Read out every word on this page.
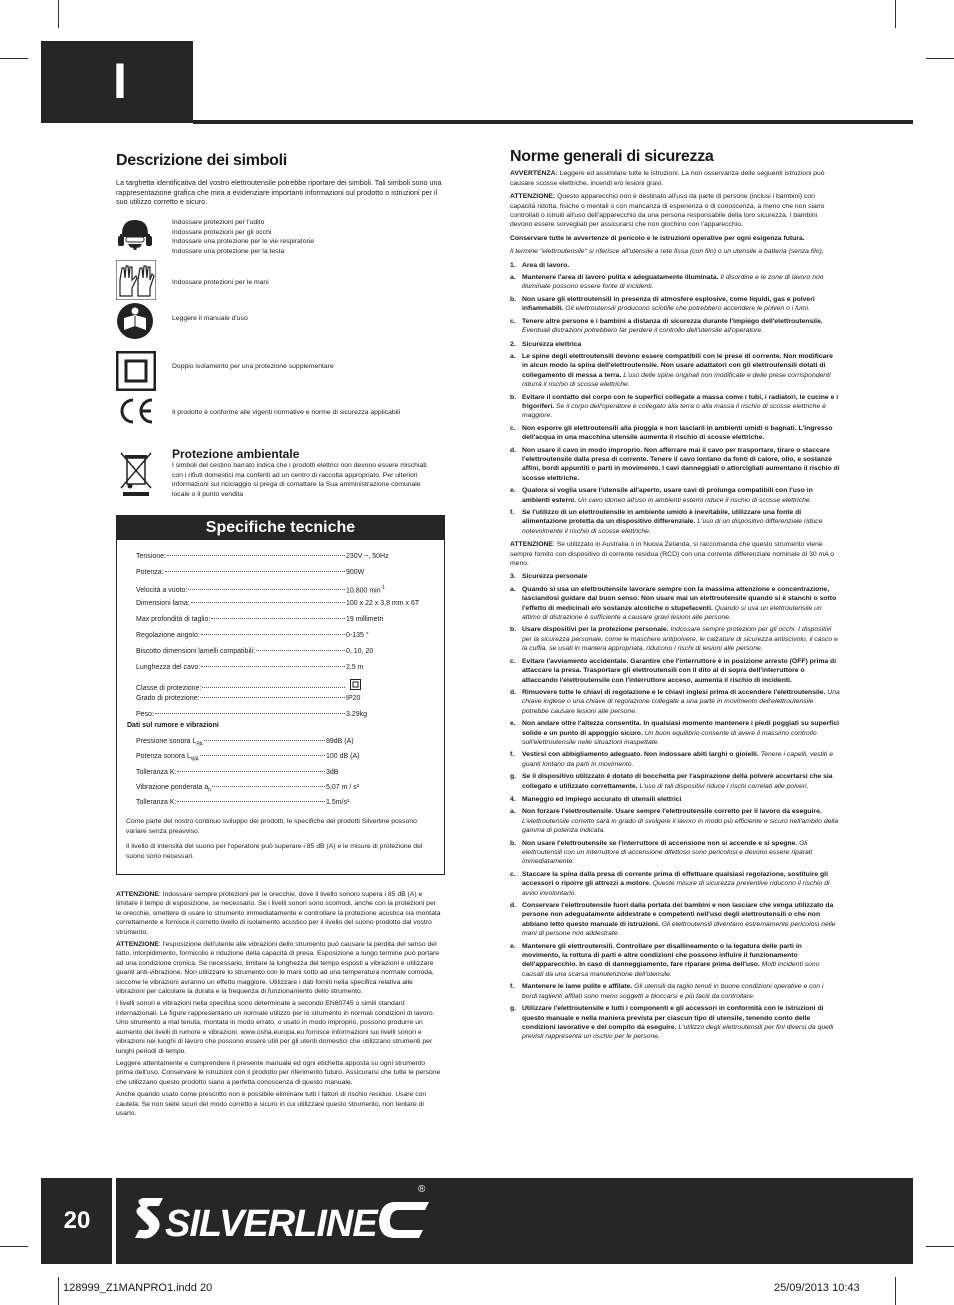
I
Descrizione dei simboli

La targhetta identificativa del vostro elettroutensile potrebbe riportare dei simboli. Tali simboli sono una rappresentazione grafica che mira a evidenziare importanti informazioni sul prodotto o istruzioni per il suo utilizzo corretto e sicuro.

Indossare protezioni per l'udito
Indossare protezioni per gli occhi
Indossare una protezione per le vie respiratorie
Indossare una protezione per la testa
Indossare protezioni per le mani
Leggere il manuale d'uso
Doppio isolamento per una protezione supplementare
Il prodotto è conforme alle vigenti normative e norme di sicurezza applicabili
Protezione ambientale

I simboli del cestino barrato indica che i prodotti elettrici non devono essere mischiati con i rifiuti domestici ma conferiti ad un centro di raccolta appropriato. Per ulteriori informazioni sul riciclaggio si prega di contattare la Sua amministrazione comunale locale o il punto vendita

Specifiche tecniche
Tensione:	230V ~, 50Hz
Potenza:	900W
Velocità a vuoto:	10.800 $\min^{-1}$
Dimensioni lama:	100 x 22 x 3,8 mm x 6T
Max profondità di taglio:	19 millimetri
Regolazione angolo:	0-135 °
Biscotto dimensioni lamelli compatibili:	0, 10, 20
Lunghezza del cavo:	2,5 m
Classe di protezione:
Grado di protezione:	IP20
Peso:	3.29kg
Dati sul rumore e vibrazioni
Pressione sonora $L_{PA}$	89dB (A)
Potenza sonora $L_{WA}$	100 dB (A)
Tolleranza K:	3dB
Vibrazione ponderata $a_h$	5,07 m / s²
Tolleranza K:	1.5m/s²

Come parte del nostro continuo sviluppo dei prodotti, le specifiche dei prodotti Silverline possono variare senza preavviso.

Il livello di intensità del suono per l'operatore può superare i 85 dB (A) e le misure di protezione del suono sono necessari.

ATTENZIONE: Indossare sempre protezioni per le orecchie, dove il livello sonoro supera i 85 dB (A) e limitare il tempo di esposizione, se necessario. Se i livelli sonori sono scomodi, anche con la protezioni per le orecchie, smettere di usare lo strumento immediatamente e controllare la protezione acustica sia montata correttamente e fornisce il corretto livello di isolamento acustico per il livello del suono prodotto dal vostro strumento.

ATTENZIONE: l'esposizione dell'utente alle vibrazioni dello strumento può causare la perdita del senso del tatto, intorpidimento, formicolio e riduzione della capacità di presa. Esposizione a lungo termine può portare ad una condizione cronica. Se necessario, limitare la lunghezza del tempo esposti a vibrazioni e utilizzare guanti anti-vibrazione. Non utilizzare lo strumento con le mani sotto ad una temperatura normale comoda, siccome le vibrazioni avranno un effetto maggiore. Utilizzare i dati forniti nella specifica relativa alle vibrazioni per calcolare la durata e la frequenza di funzionamento dello strumento.

I livelli sonori e vibrazioni nella specifica sono determinate a secondo EN60745 o simili standard internazionali. Le figure rappresentano un normale utilizzo per lo strumento in normali condizioni di lavoro. Uno strumento a mal tenuta, montata in modo errato, o usato in modo improprio, possono produrre un aumento dei livelli di rumore e vibrazioni. www.osha.europa.eu fornisce informazioni sui livelli sonori e vibrazioni nei luoghi di lavoro che possono essere utili per gli utenti domestici che utilizzano strumenti per lunghi periodi di tempo.

Leggere attentamente e comprendere il presente manuale ed ogni etichetta apposta su ogni strumento prima dell'uso. Conservare le istruzioni con il prodotto per riferimento futuro. Assicurarsi che tutte le persone che utilizzano questo prodotto siano a perfetta conoscenza di questo manuale.

Anche quando usato come prescritto non è possibile eliminare tutti i fattori di rischio residuo. Usare con cautela. Se non siete sicuri del modo corretto e sicuro in cui utilizzare questo strumento, non tentare di usarlo.

Norme generali di sicurezza

AVVERTENZA: Leggere ed assimilare tutte le istruzioni. La non osservanza delle seguenti istruzioni può causare scosse elettriche, incendi e/o lesioni gravi.

ATTENZIONE: Questo apparecchio non è destinato all'uso da parte di persone (inclusi i bambini) con capacità ridotta, fisiche o mentali o con mancanza di esperienza o di conoscenza, a meno che non siano controllati o istruiti all'uso dell'apparecchio da una persona responsabile della loro sicurezza. I bambini devono essere sorvegliati per assicurarsi che non giochino con l'apparecchio.

Conservare tutte le avvertenze di pericolo e le istruzioni operative per ogni esigenza futura.

Il termine "elettroutensile" si riferisce all'utensile a rete fissa (con filo) o un utensile a batteria (senza filo).

1. Area di lavoro.
a. Mantenere l'area di lavoro pulita e adeguatamente illuminata. Il disordine e le zone di lavoro non illuminate possono essere fonte di incidenti.
b. Non usare gli elettroutensili in presenza di atmosfere esplosive, come liquidi, gas e polveri infiammabili. Gli elettroutensili producono scintille che potrebbero accendere le polveri o i fumi.
c. Tenere altre persone e i bambini a distanza di sicurezza durante l'impiego dell'elettroutensile. Eventuali distrazioni potrebbero far perdere il controllo dell'utensile all'operatore.
2. Sicurezza elettrica
a. Le spine degli elettroutensili devono essere compatibili con le prese di corrente. Non modificare in alcun modo la spina dell'elettroutensile. Non usare adattatori con gli elettroutensili dotati di collegamento di messa a terra. L'uso delle spine originali non modificate e delle prese corrispondenti ridurrà il rischio di scosse elettriche.
b. Evitare il contatto del corpo con le superfici collegate a massa come i tubi, i radiatori, le cucine e i frigoriferi. Se il corpo dell'operatore è collegato alla terra o alla massa il rischio di scosse elettriche è maggiore.
c. Non esporre gli elettroutensili alla pioggia e non lasciarli in ambienti umidi o bagnati. L'ingresso dell'acqua in una macchina utensile aumenta il rischio di scosse elettriche.
d. Non usare il cavo in modo improprio. Non afferrare mai il cavo per trasportare, tirare o staccare l'elettroutensile dalla presa di corrente. Tenere il cavo lontano da fonti di calore, olio, e sostanze affini, bordi appuntiti o parti in movimento. I cavi danneggiati o attorcigliati aumentano il rischio di scosse elettriche.
e. Qualora si voglia usare l'utensile all'aperto, usare cavi di prolunga compatibili con l'uso in ambienti esterni. Un cavo idoneo all'uso in ambienti esterni riduce il rischio di scosse elettriche.
f.	Se l'utilizzo di un elettroutensile in ambiente umido è inevitabile, utilizzare una fonte di alimentazione protetta da un dispositivo differenziale. L'uso di un dispositivo differenziale riduce notevolmente il rischio di scosse elettriche.

ATTENZIONE: Se utilizzato in Australia o in Nuova Zelanda, si raccomanda che questo strumento viene sempre fornito con dispositivo di corrente residua (RCD) con una corrente differenziale nominale di 30 mA o meno.

3. Sicurezza personale
a. Quando si usa un elettroutensile lavorare sempre con la massima attenzione e concentrazione, lasciandosi guidare dal buon senso. Non usare mai un elettroutensile quando si è stanchi o sotto l'effetto di medicinali e/o sostanze alcoliche o stupefacenti. Quando si usa un elettroutensile un attimo di distrazione è sufficiente a causare gravi lesioni alle persone.
b. Usare dispositivi per la protezione personale. Indossare sempre protezioni per gli occhi. I dispositivi per la sicurezza personale, come le maschere antipolvere, le calzature di sicurezza antiscivolo, il casco e la cuffia, se usati in maniera appropriata, riducono i rischi di lesioni alle persone.
c. Evitare l'avviamento accidentale. Garantire che l'interruttore è in posizione arresto (OFF) prima di attaccare la presa. Trasportare gli elettroutensili con il dito al di sopra dell'interruttore o attaccando l'elettroutensile con l'interruttore acceso, aumenta il rischio di incidenti.
d. Rimuovere tutte le chiavi di regolazione e le chiavi inglesi prima di accendere l'elettroutensile. Una chiave inglese o una chiave di regolazione collegate a una parte in movimento dell'elettroutensile potrebbe causare lesioni alle persone.
e. Non andare oltre l'altezza consentita. In qualsiasi momento mantenere i piedi poggiati su superfici solide e un punto di appoggio sicuro. Un buon equilibrio consente di avere il massimo controllo sull'elettroutensile nelle situazioni inaspettate.
f.	Vestirsi con abbigliamento adeguato. Non indossare abiti larghi o gioielli. Tenere i capelli, vestiti e guanti lontano da parti in movimento.
g. Se il dispositivo utilizzato è dotato di bocchetta per l'aspirazione della polvere accertarsi che sia collegato e utilizzato correttamente. L'uso di tali dispositivi riduce i rischi correlati alle polveri.
4. Maneggio ed impiego accurato di utensili elettrici
a. Non forzare l'elettroutensile. Usare sempre l'elettroutensile corretto per il lavoro da eseguire. L'elettroutensile corretto sarà in grado di svolgere il lavoro in modo più efficiente e sicuro nell'ambito della gamma di potenza indicata.
b. Non usare l'elettroutensile se l'interruttore di accensione non si accende e si spegne. Gli elettroutensili con un interruttore di accensione difettoso sono pericolosi e devono essere riparati immediatamente.
c. Staccare la spina dalla presa di corrente prima di effettuare qualsiasi regolazione, sostituire gli accessori o riporre gli attrezzi a motore. Queste misure di sicurezza preventive riducono il rischio di avvio involontario.
d. Conservare l'elettroutensile fuori dalla portata dei bambini e non lasciare che venga utilizzato da persone non adeguatamente addestrate e competenti nell'uso degli elettroutensili o che non abbiano letto questo manuale di istruzioni. Gli elettroutensili diventano estremamente pericolosi nelle mani di persone non addestrate.
e. Mantenere gli elettroutensili. Controllare per disallineamento o la legatura delle parti in movimento, la rottura di parti e altre condizioni che possono influire il funzionamento dell'apparecchio. In caso di danneggiamento, fare riparare prima dell'uso. Molti incidenti sono causati da una scarsa manutenzione dell'utensile.
f.	Mantenere le lame pulite e affilate. Gli utensili da taglio tenuti in buone condizioni operative e con i bordi taglienti affilati sono meno soggetti a bloccarsi e più facili da controllare.
g. Utilizzare l'elettroutensile e tutti i componenti e gli accessori in conformità con le istruzioni di questo manuale e nella maniera prevista per ciascun tipo di utensile, tenendo conto delle condizioni lavorative e del compito da eseguire. L'utilizzo degli elettroutensili per fini diversi da quelli previsti rappresenta un rischio per le persone.
20	SILVERLINE
®
128999_Z1MANPRO1.indd 20	25/09/2013 10:43
